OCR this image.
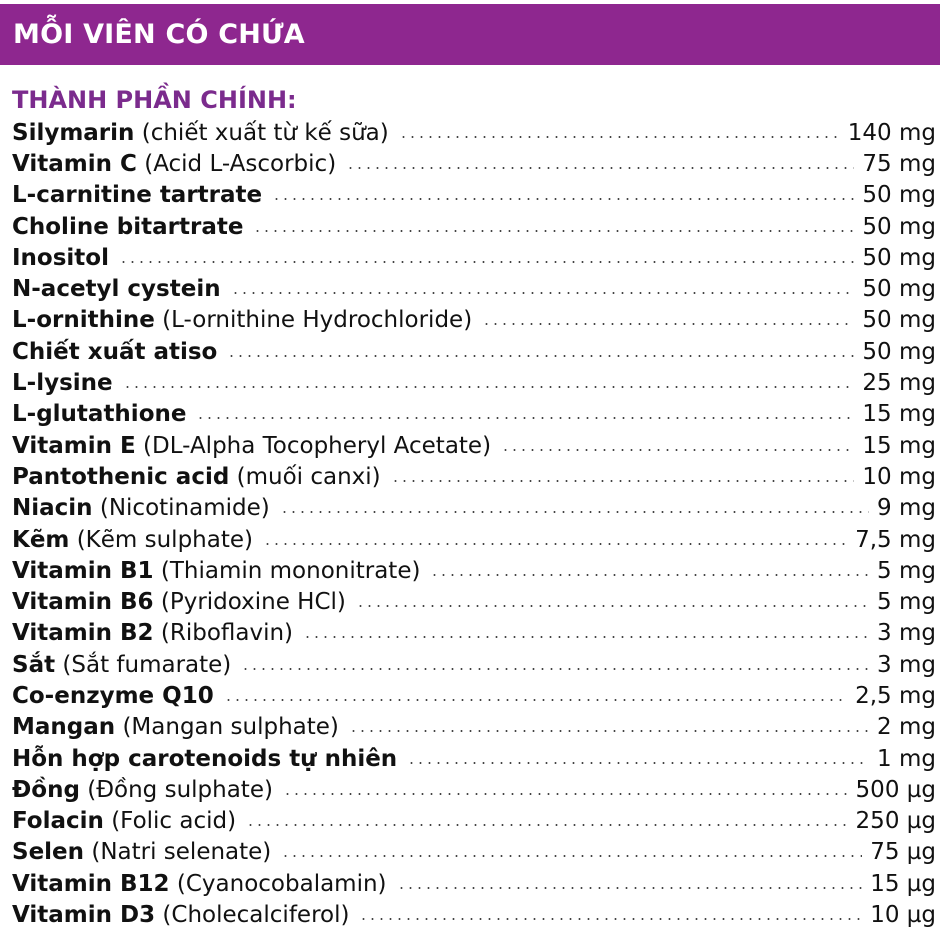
MỖI VIÊN CÓ CHỨA
THÀNH PHẦN CHÍNH:
Silymarin (chiết xuất từ kế sữa)	140 mg
Vitamin C (Acid L-Ascorbic)	75 mg
L-carnitine tartrate	50 mg
Choline bitartrate	50 mg
Inositol	50 mg
N-acetyl cystein	50 mg
L-ornithine (L-ornithine Hydrochloride)	50 mg
Chiết xuất atiso	50 mg
L-lysine	25 mg
L-glutathione	15 mg
Vitamin E (DL-Alpha Tocopheryl Acetate)	15 mg
Pantothenic acid (muối canxi)	10 mg
Niacin (Nicotinamide)	9 mg
Kẽm (Kẽm sulphate)	7,5 mg
Vitamin B1 (Thiamin mononitrate)	5 mg
Vitamin B6 (Pyridoxine HCl)	5 mg
Vitamin B2 (Riboflavin)	3 mg
Sắt (Sắt fumarate)	3 mg
Co-enzyme Q10	2,5 mg
Mangan (Mangan sulphate)	2 mg
Hỗn hợp carotenoids tự nhiên	1 mg
Đồng (Đồng sulphate)	500 µg
Folacin (Folic acid)	250 µg
Selen (Natri selenate)	75 µg
Vitamin B12 (Cyanocobalamin)	15 µg
Vitamin D3 (Cholecalciferol)	10 µg
